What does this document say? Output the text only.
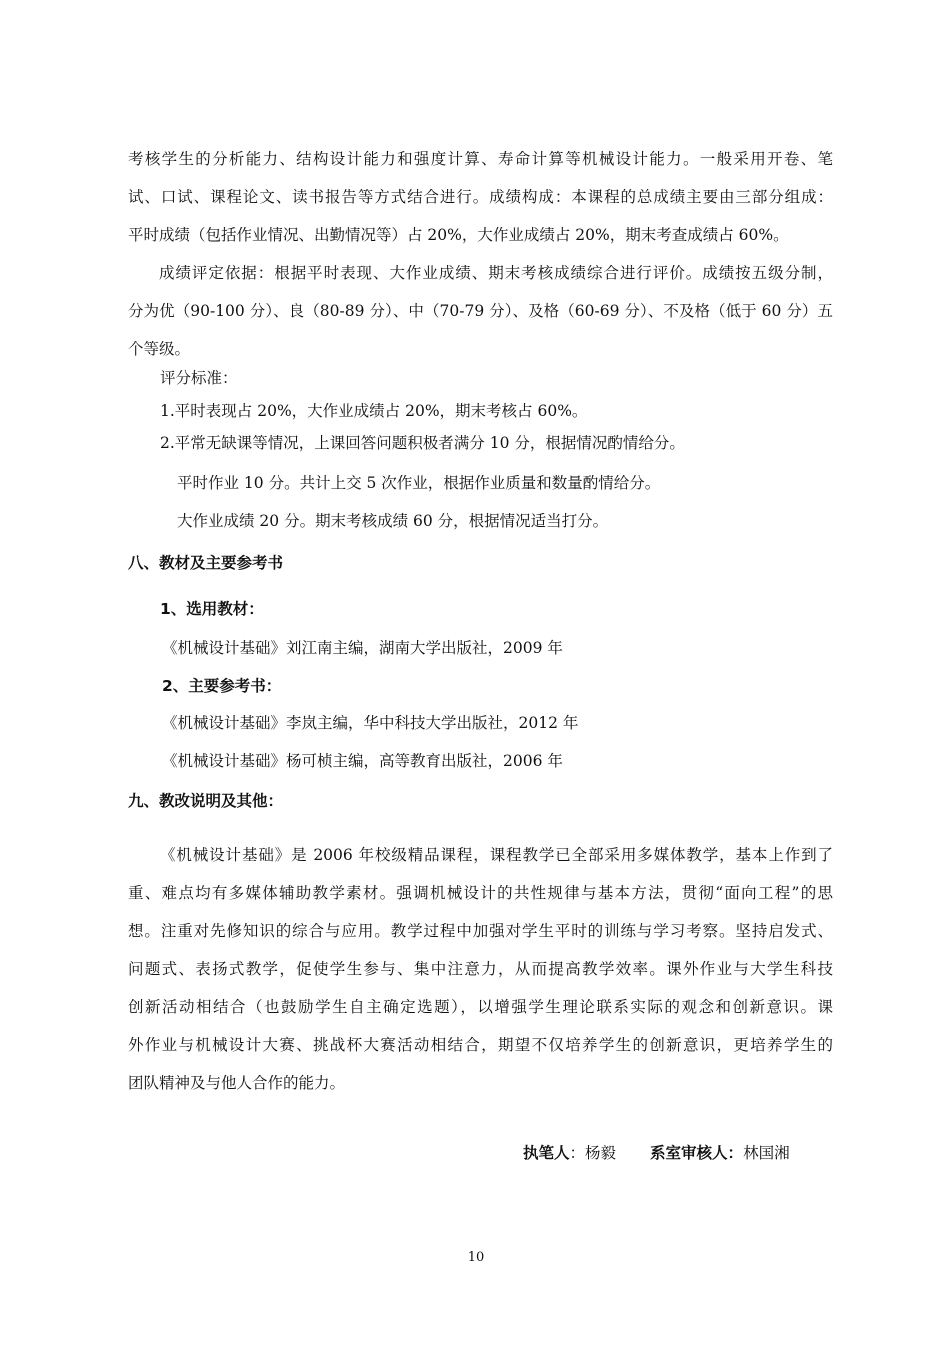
考核学生的分析能力、结构设计能力和强度计算、寿命计算等机械设计能力。一般采用开卷、笔
试、口试、课程论文、读书报告等方式结合进行。成绩构成：本课程的总成绩主要由三部分组成：
平时成绩（包括作业情况、出勤情况等）占 20%，大作业成绩占 20%，期末考查成绩占 60%。
成绩评定依据：根据平时表现、大作业成绩、期末考核成绩综合进行评价。成绩按五级分制，
分为优（90-100 分）、良（80-89 分）、中（70-79 分）、及格（60-69 分）、不及格（低于 60 分）五
个等级。
评分标准：
1.平时表现占 20%，大作业成绩占 20%，期末考核占 60%。
2.平常无缺课等情况，上课回答问题积极者满分 10 分，根据情况酌情给分。
平时作业 10 分。共计上交 5 次作业，根据作业质量和数量酌情给分。
大作业成绩 20 分。期末考核成绩 60 分，根据情况适当打分。
八、教材及主要参考书
1、选用教材：
《机械设计基础》刘江南主编，湖南大学出版社，2009 年
2、主要参考书：
《机械设计基础》李岚主编，华中科技大学出版社，2012 年
《机械设计基础》杨可桢主编，高等教育出版社，2006 年
九、教改说明及其他：
《机械设计基础》是 2006 年校级精品课程，课程教学已全部采用多媒体教学，基本上作到了
重、难点均有多媒体辅助教学素材。强调机械设计的共性规律与基本方法，贯彻“面向工程”的思
想。注重对先修知识的综合与应用。教学过程中加强对学生平时的训练与学习考察。坚持启发式、
问题式、表扬式教学，促使学生参与、集中注意力，从而提高教学效率。课外作业与大学生科技
创新活动相结合（也鼓励学生自主确定选题），以增强学生理论联系实际的观念和创新意识。课
外作业与机械设计大赛、挑战杯大赛活动相结合，期望不仅培养学生的创新意识，更培养学生的
团队精神及与他人合作的能力。
执笔人：杨毅 系室审核人：林国湘
10
